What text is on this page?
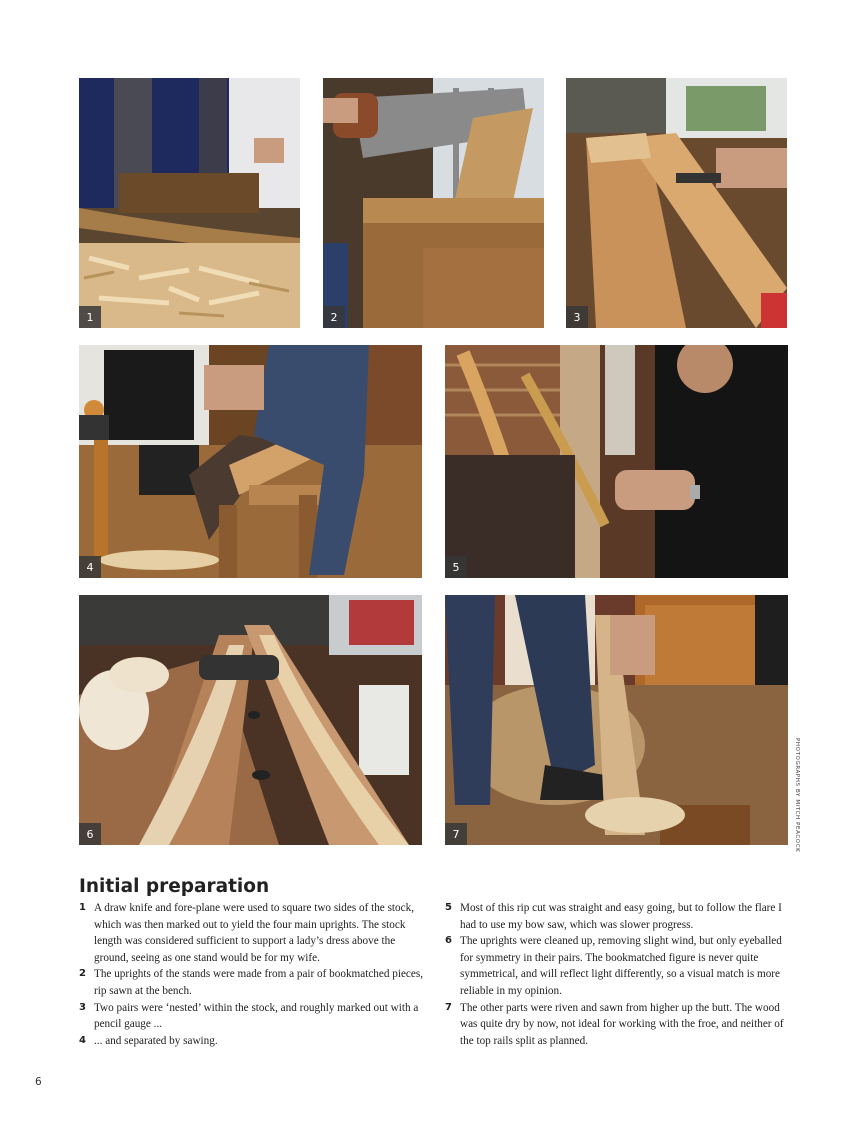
1	2	3
4	5
6	7	PHOTOGRAPHS BY MITCH PEACOCK
Initial preparation

1 A draw knife and fore-plane were used to square two sides of the stock, which was then marked out to yield the four main uprights. The stock length was considered sufficient to support a lady’s dress above the ground, seeing as one stand would be for my wife.

2 The uprights of the stands were made from a pair of bookmatched pieces, rip sawn at the bench.

3 Two pairs were ‘nested’ within the stock, and roughly marked out with a pencil gauge ...

4 ... and separated by sawing.

5 Most of this rip cut was straight and easy going, but to follow the flare I had to use my bow saw, which was slower progress.

6 The uprights were cleaned up, removing slight wind, but only eyeballed for symmetry in their pairs. The bookmatched figure is never quite symmetrical, and will reflect light differently, so a visual match is more reliable in my opinion.

7 The other parts were riven and sawn from higher up the butt. The wood was quite dry by now, not ideal for working with the froe, and neither of the top rails split as planned.

6
